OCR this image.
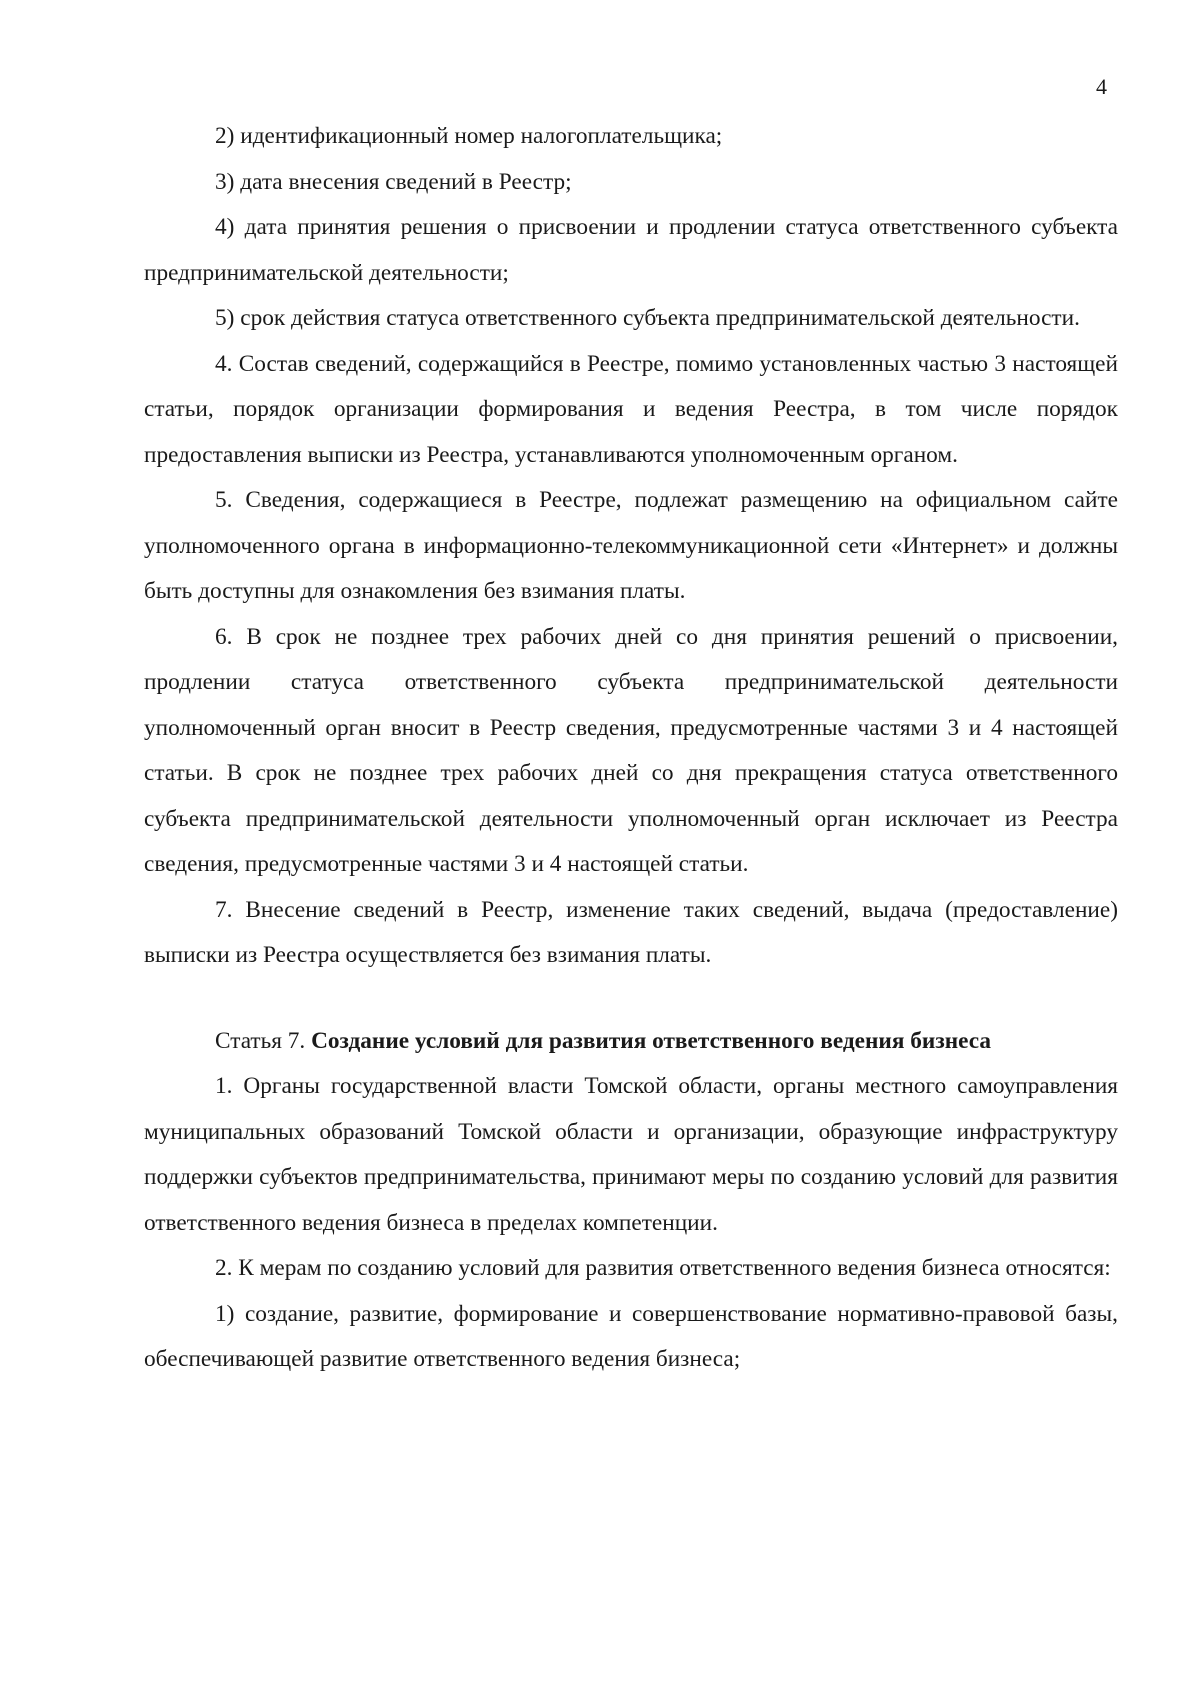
4

2) идентификационный номер налогоплательщика;

3) дата внесения сведений в Реестр;

4) дата принятия решения о присвоении и продлении статуса ответственного субъекта предпринимательской деятельности;

5) срок действия статуса ответственного субъекта предпринимательской деятельности.

4. Состав сведений, содержащийся в Реестре, помимо установленных частью 3 настоящей статьи, порядок организации формирования и ведения Реестра, в том числе порядок предоставления выписки из Реестра, устанавливаются уполномоченным органом.

5. Сведения, содержащиеся в Реестре, подлежат размещению на официальном сайте уполномоченного органа в информационно-телекоммуникационной сети «Интернет» и должны быть доступны для ознакомления без взимания платы.

6. В срок не позднее трех рабочих дней со дня принятия решений о присвоении, продлении статуса ответственного субъекта предпринимательской деятельности уполномоченный орган вносит в Реестр сведения, предусмотренные частями 3 и 4 настоящей статьи. В срок не позднее трех рабочих дней со дня прекращения статуса ответственного субъекта предпринимательской деятельности уполномоченный орган исключает из Реестра сведения, предусмотренные частями 3 и 4 настоящей статьи.

7. Внесение сведений в Реестр, изменение таких сведений, выдача (предоставление) выписки из Реестра осуществляется без взимания платы.

Статья 7. Создание условий для развития ответственного ведения бизнеса

1. Органы государственной власти Томской области, органы местного самоуправления муниципальных образований Томской области и организации, образующие инфраструктуру поддержки субъектов предпринимательства, принимают меры по созданию условий для развития ответственного ведения бизнеса в пределах компетенции.

2. К мерам по созданию условий для развития ответственного ведения бизнеса относятся:

1) создание, развитие, формирование и совершенствование нормативно-правовой базы, обеспечивающей развитие ответственного ведения бизнеса;
